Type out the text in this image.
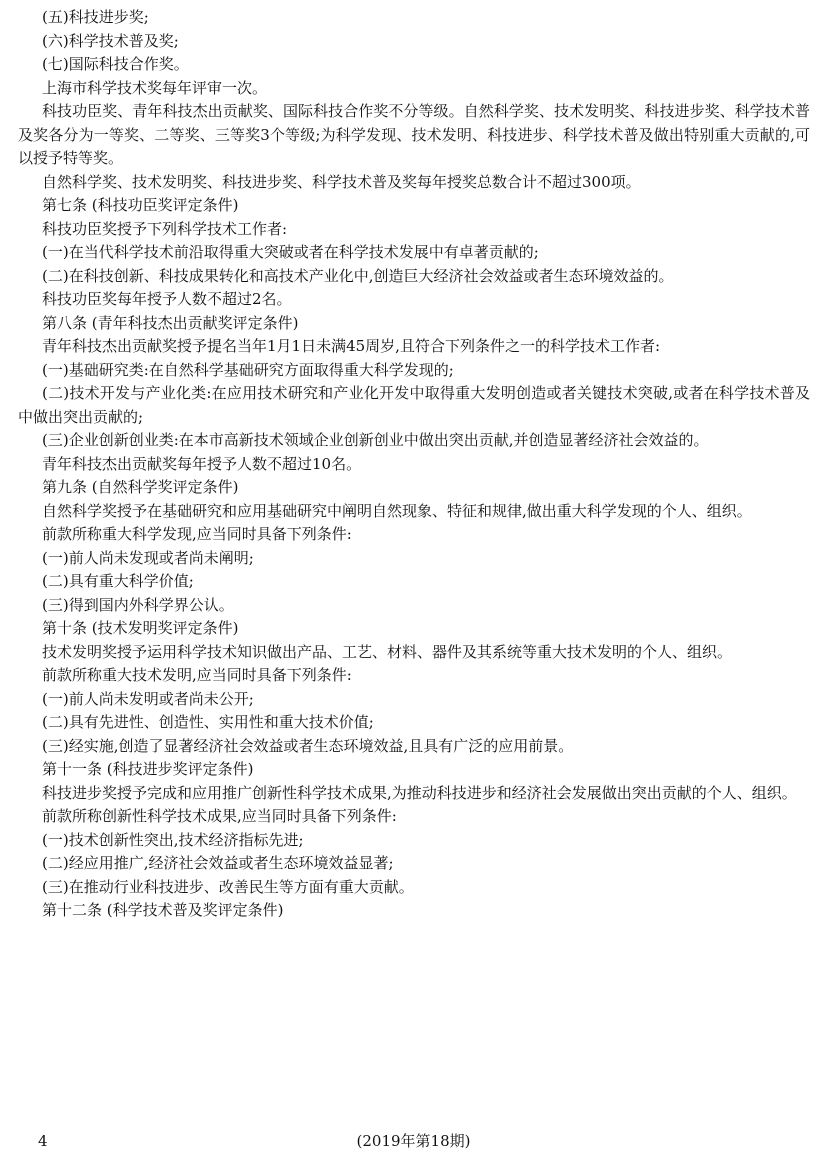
(五)科技进步奖;

(六)科学技术普及奖;

(七)国际科技合作奖。

上海市科学技术奖每年评审一次。

科技功臣奖、青年科技杰出贡献奖、国际科技合作奖不分等级。自然科学奖、技术发明奖、科技进步奖、科学技术普及奖各分为一等奖、二等奖、三等奖3个等级;为科学发现、技术发明、科技进步、科学技术普及做出特别重大贡献的,可以授予特等奖。

自然科学奖、技术发明奖、科技进步奖、科学技术普及奖每年授奖总数合计不超过300项。

第七条 (科技功臣奖评定条件)

科技功臣奖授予下列科学技术工作者:

(一)在当代科学技术前沿取得重大突破或者在科学技术发展中有卓著贡献的;

(二)在科技创新、科技成果转化和高技术产业化中,创造巨大经济社会效益或者生态环境效益的。

科技功臣奖每年授予人数不超过2名。

第八条 (青年科技杰出贡献奖评定条件)

青年科技杰出贡献奖授予提名当年1月1日未满45周岁,且符合下列条件之一的科学技术工作者:

(一)基础研究类:在自然科学基础研究方面取得重大科学发现的;

(二)技术开发与产业化类:在应用技术研究和产业化开发中取得重大发明创造或者关键技术突破,或者在科学技术普及中做出突出贡献的;

(三)企业创新创业类:在本市高新技术领域企业创新创业中做出突出贡献,并创造显著经济社会效益的。

青年科技杰出贡献奖每年授予人数不超过10名。

第九条 (自然科学奖评定条件)

自然科学奖授予在基础研究和应用基础研究中阐明自然现象、特征和规律,做出重大科学发现的个人、组织。

前款所称重大科学发现,应当同时具备下列条件:

(一)前人尚未发现或者尚未阐明;

(二)具有重大科学价值;

(三)得到国内外科学界公认。

第十条 (技术发明奖评定条件)

技术发明奖授予运用科学技术知识做出产品、工艺、材料、器件及其系统等重大技术发明的个人、组织。

前款所称重大技术发明,应当同时具备下列条件:

(一)前人尚未发明或者尚未公开;

(二)具有先进性、创造性、实用性和重大技术价值;

(三)经实施,创造了显著经济社会效益或者生态环境效益,且具有广泛的应用前景。

第十一条 (科技进步奖评定条件)

科技进步奖授予完成和应用推广创新性科学技术成果,为推动科技进步和经济社会发展做出突出贡献的个人、组织。

前款所称创新性科学技术成果,应当同时具备下列条件:

(一)技术创新性突出,技术经济指标先进;

(二)经应用推广,经济社会效益或者生态环境效益显著;

(三)在推动行业科技进步、改善民生等方面有重大贡献。

第十二条 (科学技术普及奖评定条件)

4	(2019年第18期)
